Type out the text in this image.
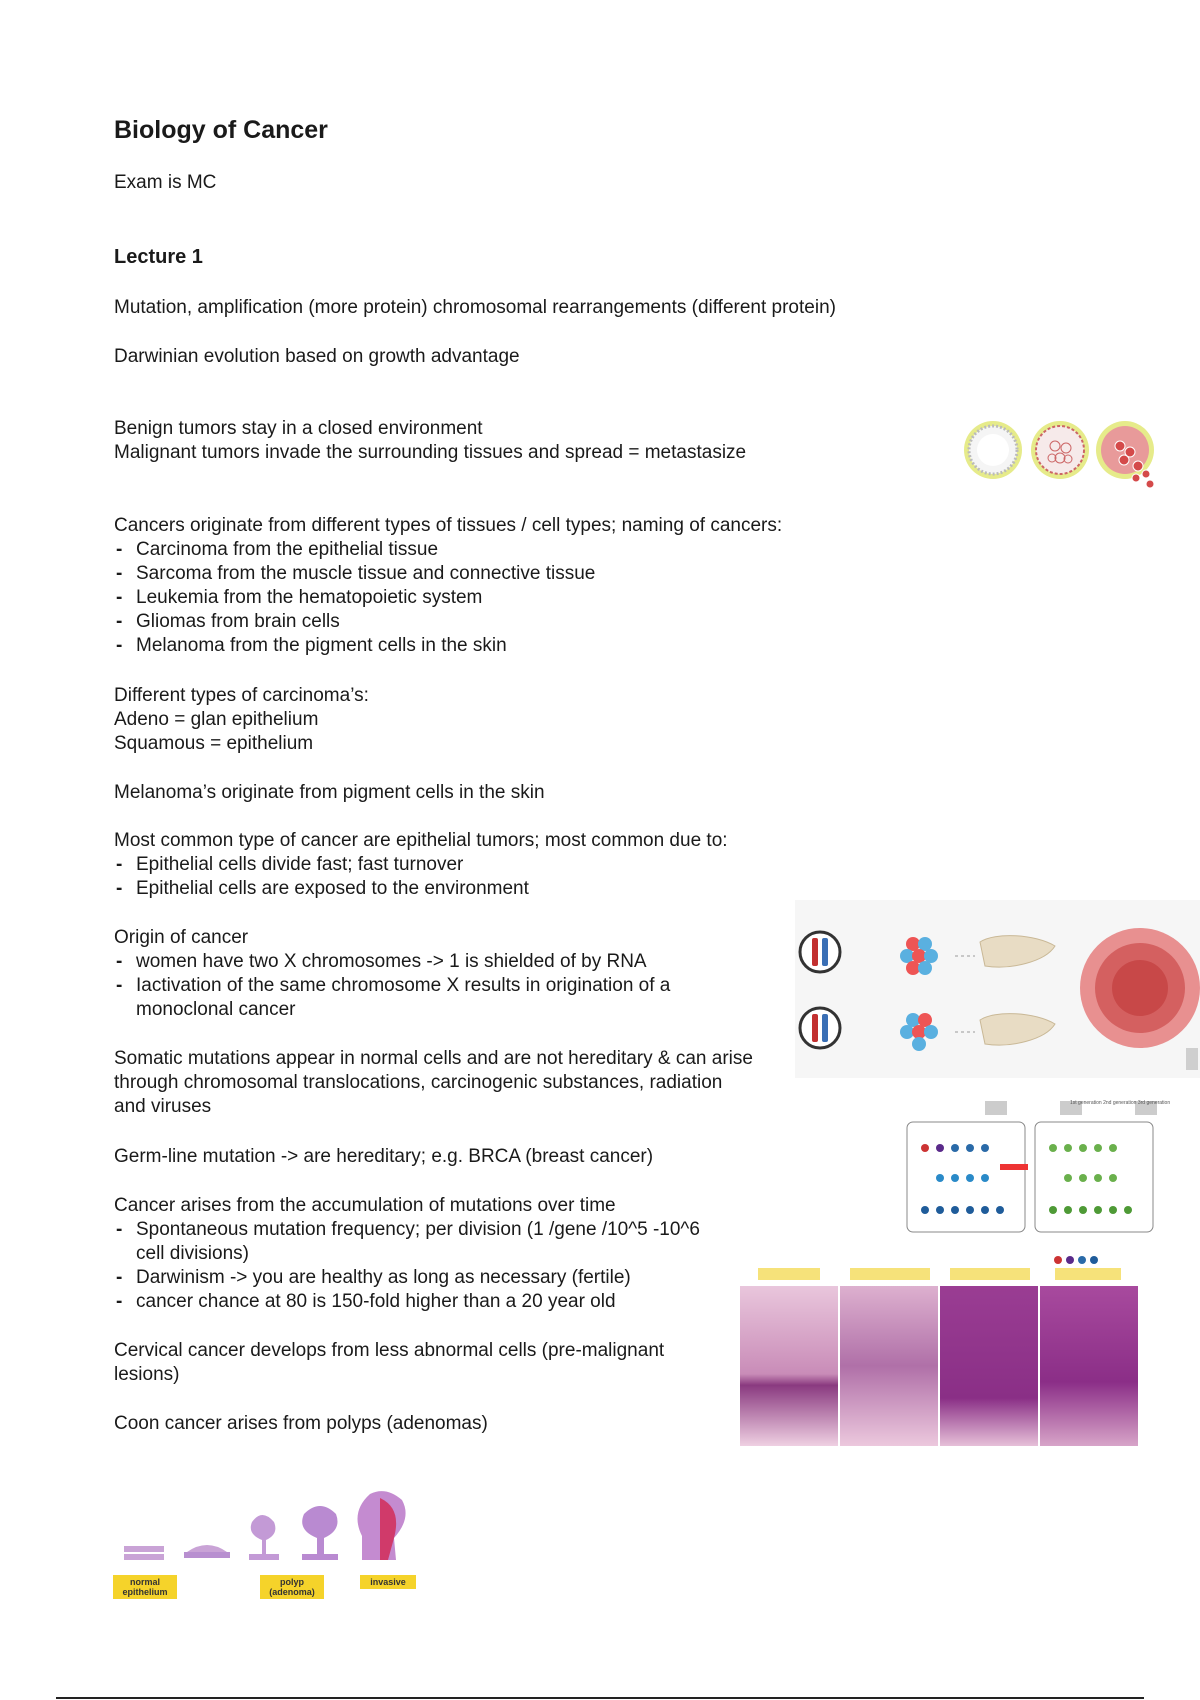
Biology of Cancer
Exam is MC
Lecture 1
Mutation, amplification (more protein) chromosomal rearrangements (different protein)
Darwinian evolution based on growth advantage
Benign tumors stay in a closed environment
Malignant tumors invade the surrounding tissues and spread = metastasize
Cancers originate from different types of tissues / cell types; naming of cancers:
- Carcinoma from the epithelial tissue
- Sarcoma from the muscle tissue and connective tissue
- Leukemia from the hematopoietic system
- Gliomas from brain cells
- Melanoma from the pigment cells in the skin
Different types of carcinoma’s:
Adeno = glan epithelium
Squamous = epithelium
Melanoma’s originate from pigment cells in the skin
Most common type of cancer are epithelial tumors; most common due to:
- Epithelial cells divide fast; fast turnover
- Epithelial cells are exposed to the environment
Origin of cancer
- women have two X chromosomes -> 1 is shielded of by RNA
- Iactivation of the same chromosome X results in origination of a monoclonal cancer
Somatic mutations appear in normal cells and are not hereditary & can arise through chromosomal translocations, carcinogenic substances, radiation and viruses	1st generation 2nd generation 3rd generation
Germ-line mutation -> are hereditary; e.g. BRCA (breast cancer)
Cancer arises from the accumulation of mutations over time
- Spontaneous mutation frequency; per division (1 /gene /10^5 -10^6 cell divisions)
- Darwinism -> you are healthy as long as necessary (fertile)
- cancer chance at 80 is 150-fold higher than a 20 year old
Cervical cancer develops from less abnormal cells (pre-malignant lesions)
Coon cancer arises from polyps (adenomas)
normal epithelium
polyp (adenoma)
invasive
